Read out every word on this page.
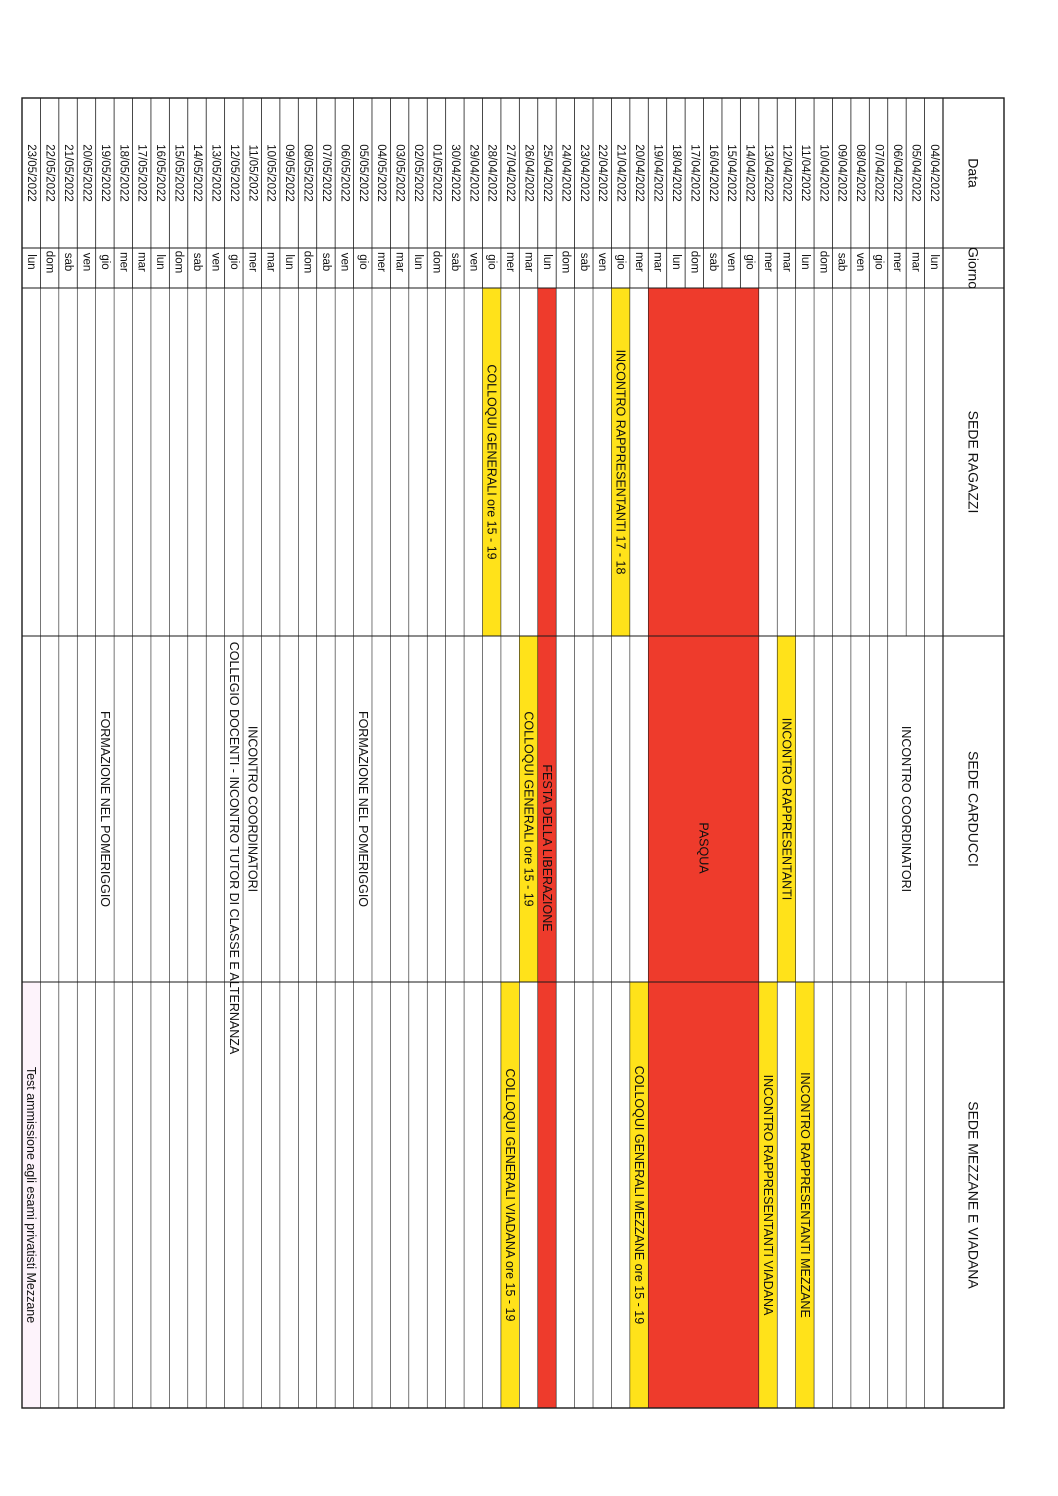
Data
Giorno
SEDE RAGAZZI
SEDE CARDUCCI
SEDE MEZZANE E VIADANA
04/04/2022
lun
05/04/2022
mar
06/04/2022
mer
07/04/2022
gio
08/04/2022
ven
09/04/2022
sab
10/04/2022
dom
11/04/2022
lun
12/04/2022
mar
13/04/2022
mer
14/04/2022
gio
15/04/2022
ven
16/04/2022
sab
17/04/2022
dom
18/04/2022
lun
19/04/2022
mar
20/04/2022
mer
21/04/2022
gio
22/04/2022
ven
23/04/2022
sab
24/04/2022
dom
25/04/2022
lun
26/04/2022
mar
27/04/2022
mer
28/04/2022
gio
29/04/2022
ven
30/04/2022
sab
01/05/2022
dom
02/05/2022
lun
03/05/2022
mar
04/05/2022
mer
05/05/2022
gio
06/05/2022
ven
07/05/2022
sab
08/05/2022
dom
09/05/2022
lun
10/05/2022
mar
11/05/2022
mer
12/05/2022
gio
13/05/2022
ven
14/05/2022
sab
15/05/2022
dom
16/05/2022
lun
17/05/2022
mar
18/05/2022
mer
19/05/2022
gio
20/05/2022
ven
21/05/2022
sab
22/05/2022
dom
23/05/2022
lun
INCONTRO COORDINATORI
INCONTRO RAPPRESENTANTI MEZZANE
INCONTRO RAPPRESENTANTI
INCONTRO RAPPRESENTANTI VIADANA
PASQUA
COLLOQUI GENERALI MEZZANE ore 15 - 19
INCONTRO RAPPRESENTANTI 17 - 18
FESTA DELLA LIBERAZIONE
COLLOQUI GENERALI ore 15 - 19
COLLOQUI GENERALI VIADANA ore 15 - 19
COLLOQUI GENERALI ore 15 - 19
FORMAZIONE NEL POMERIGGIO
INCONTRO COORDINATORI
COLLEGIO DOCENTI - INCONTRO TUTOR DI CLASSE E ALTERNANZA
FORMAZIONE NEL POMERIGGIO
Test ammissione agli esami privatisti Mezzane
